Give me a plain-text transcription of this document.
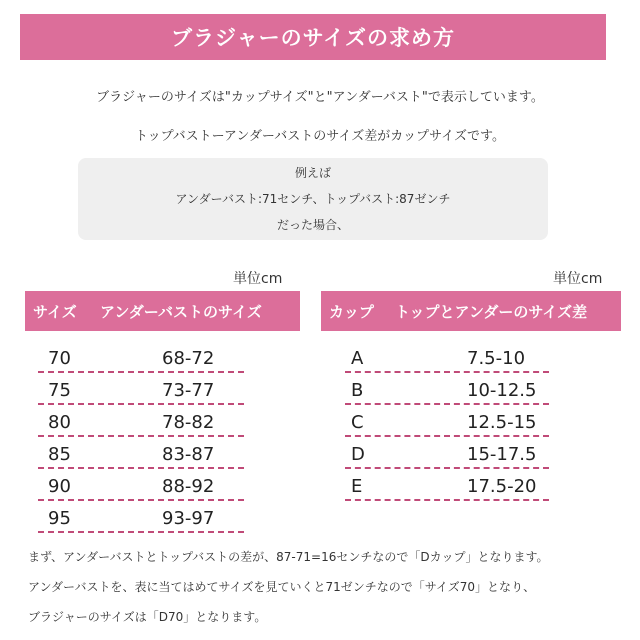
ブラジャーのサイズの求め方
ブラジャーのサイズは"カップサイズ"と"アンダーバスト"で表示しています。
トップバストーアンダーバストのサイズ差がカップサイズです。
例えば
アンダーバスト:71センチ、トップバスト:87ゼンチ
だった場合、
単位cm	単位cm
サイズ アンダーバストのサイズ	カップ トップとアンダーのサイズ差
70	68-72
75	73-77
80	78-82
85	83-87
90	88-92
95	93-97
A	7.5-10
B	10-12.5
C	12.5-15
D	15-17.5
E	17.5-20
まず、アンダーバストとトップバストの差が、87-71=16センチなので「Dカップ」となります。
アンダーバストを、表に当てはめてサイズを見ていくと71ゼンチなので「サイズ70」となり、
ブラジャーのサイズは「D70」となります。
